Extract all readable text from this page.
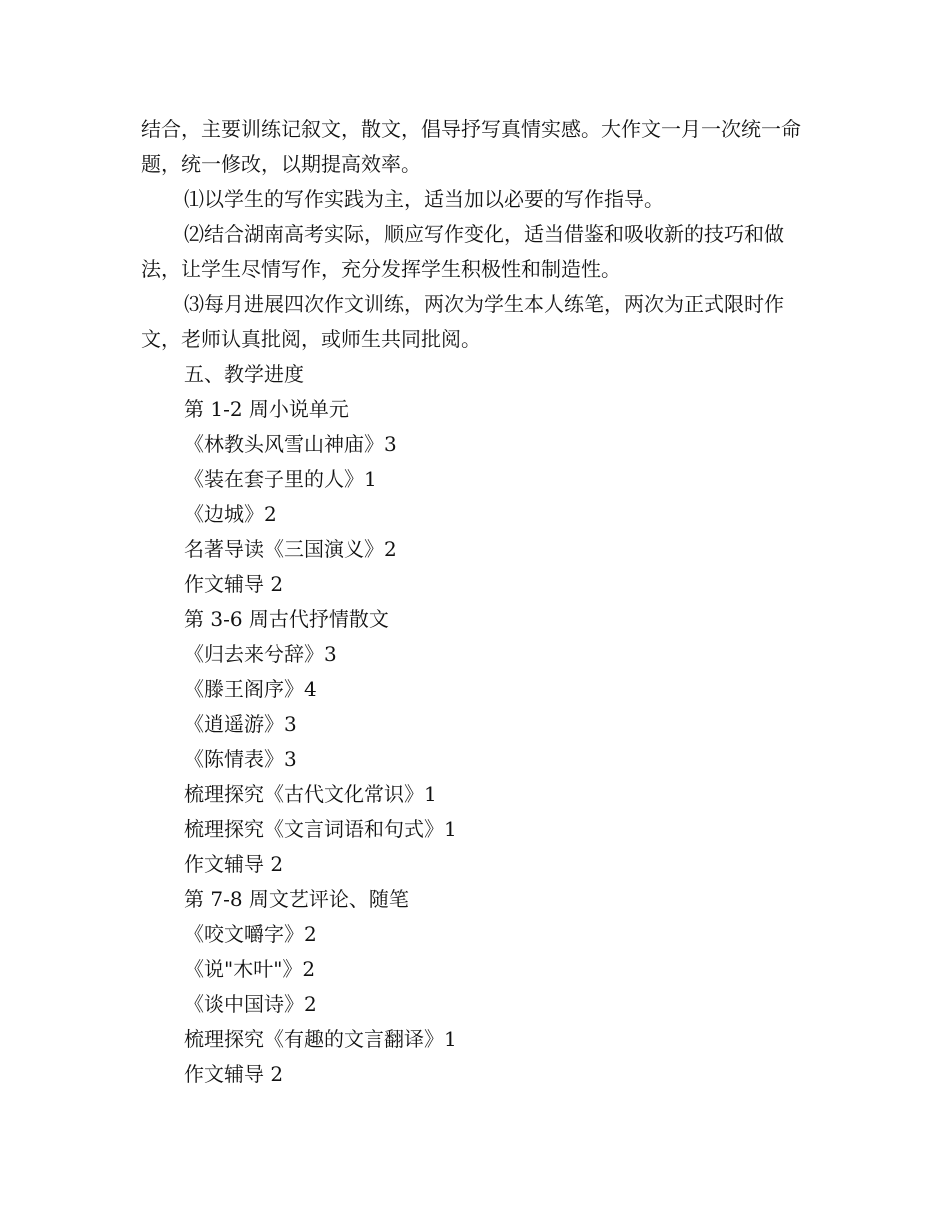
结合，主要训练记叙文，散文，倡导抒写真情实感。大作文一月一次统一命题，统一修改，以期提高效率。

⑴以学生的写作实践为主，适当加以必要的写作指导。

⑵结合湖南高考实际，顺应写作变化，适当借鉴和吸收新的技巧和做法，让学生尽情写作，充分发挥学生积极性和制造性。

⑶每月进展四次作文训练，两次为学生本人练笔，两次为正式限时作文，老师认真批阅，或师生共同批阅。

五、教学进度

第 1-2 周小说单元

《林教头风雪山神庙》3

《装在套子里的人》1

《边城》2

名著导读《三国演义》2

作文辅导 2

第 3-6 周古代抒情散文

《归去来兮辞》3

《滕王阁序》4

《逍遥游》3

《陈情表》3

梳理探究《古代文化常识》1

梳理探究《文言词语和句式》1

作文辅导 2

第 7-8 周文艺评论、随笔

《咬文嚼字》2

《说"木叶"》2

《谈中国诗》2

梳理探究《有趣的文言翻译》1

作文辅导 2
